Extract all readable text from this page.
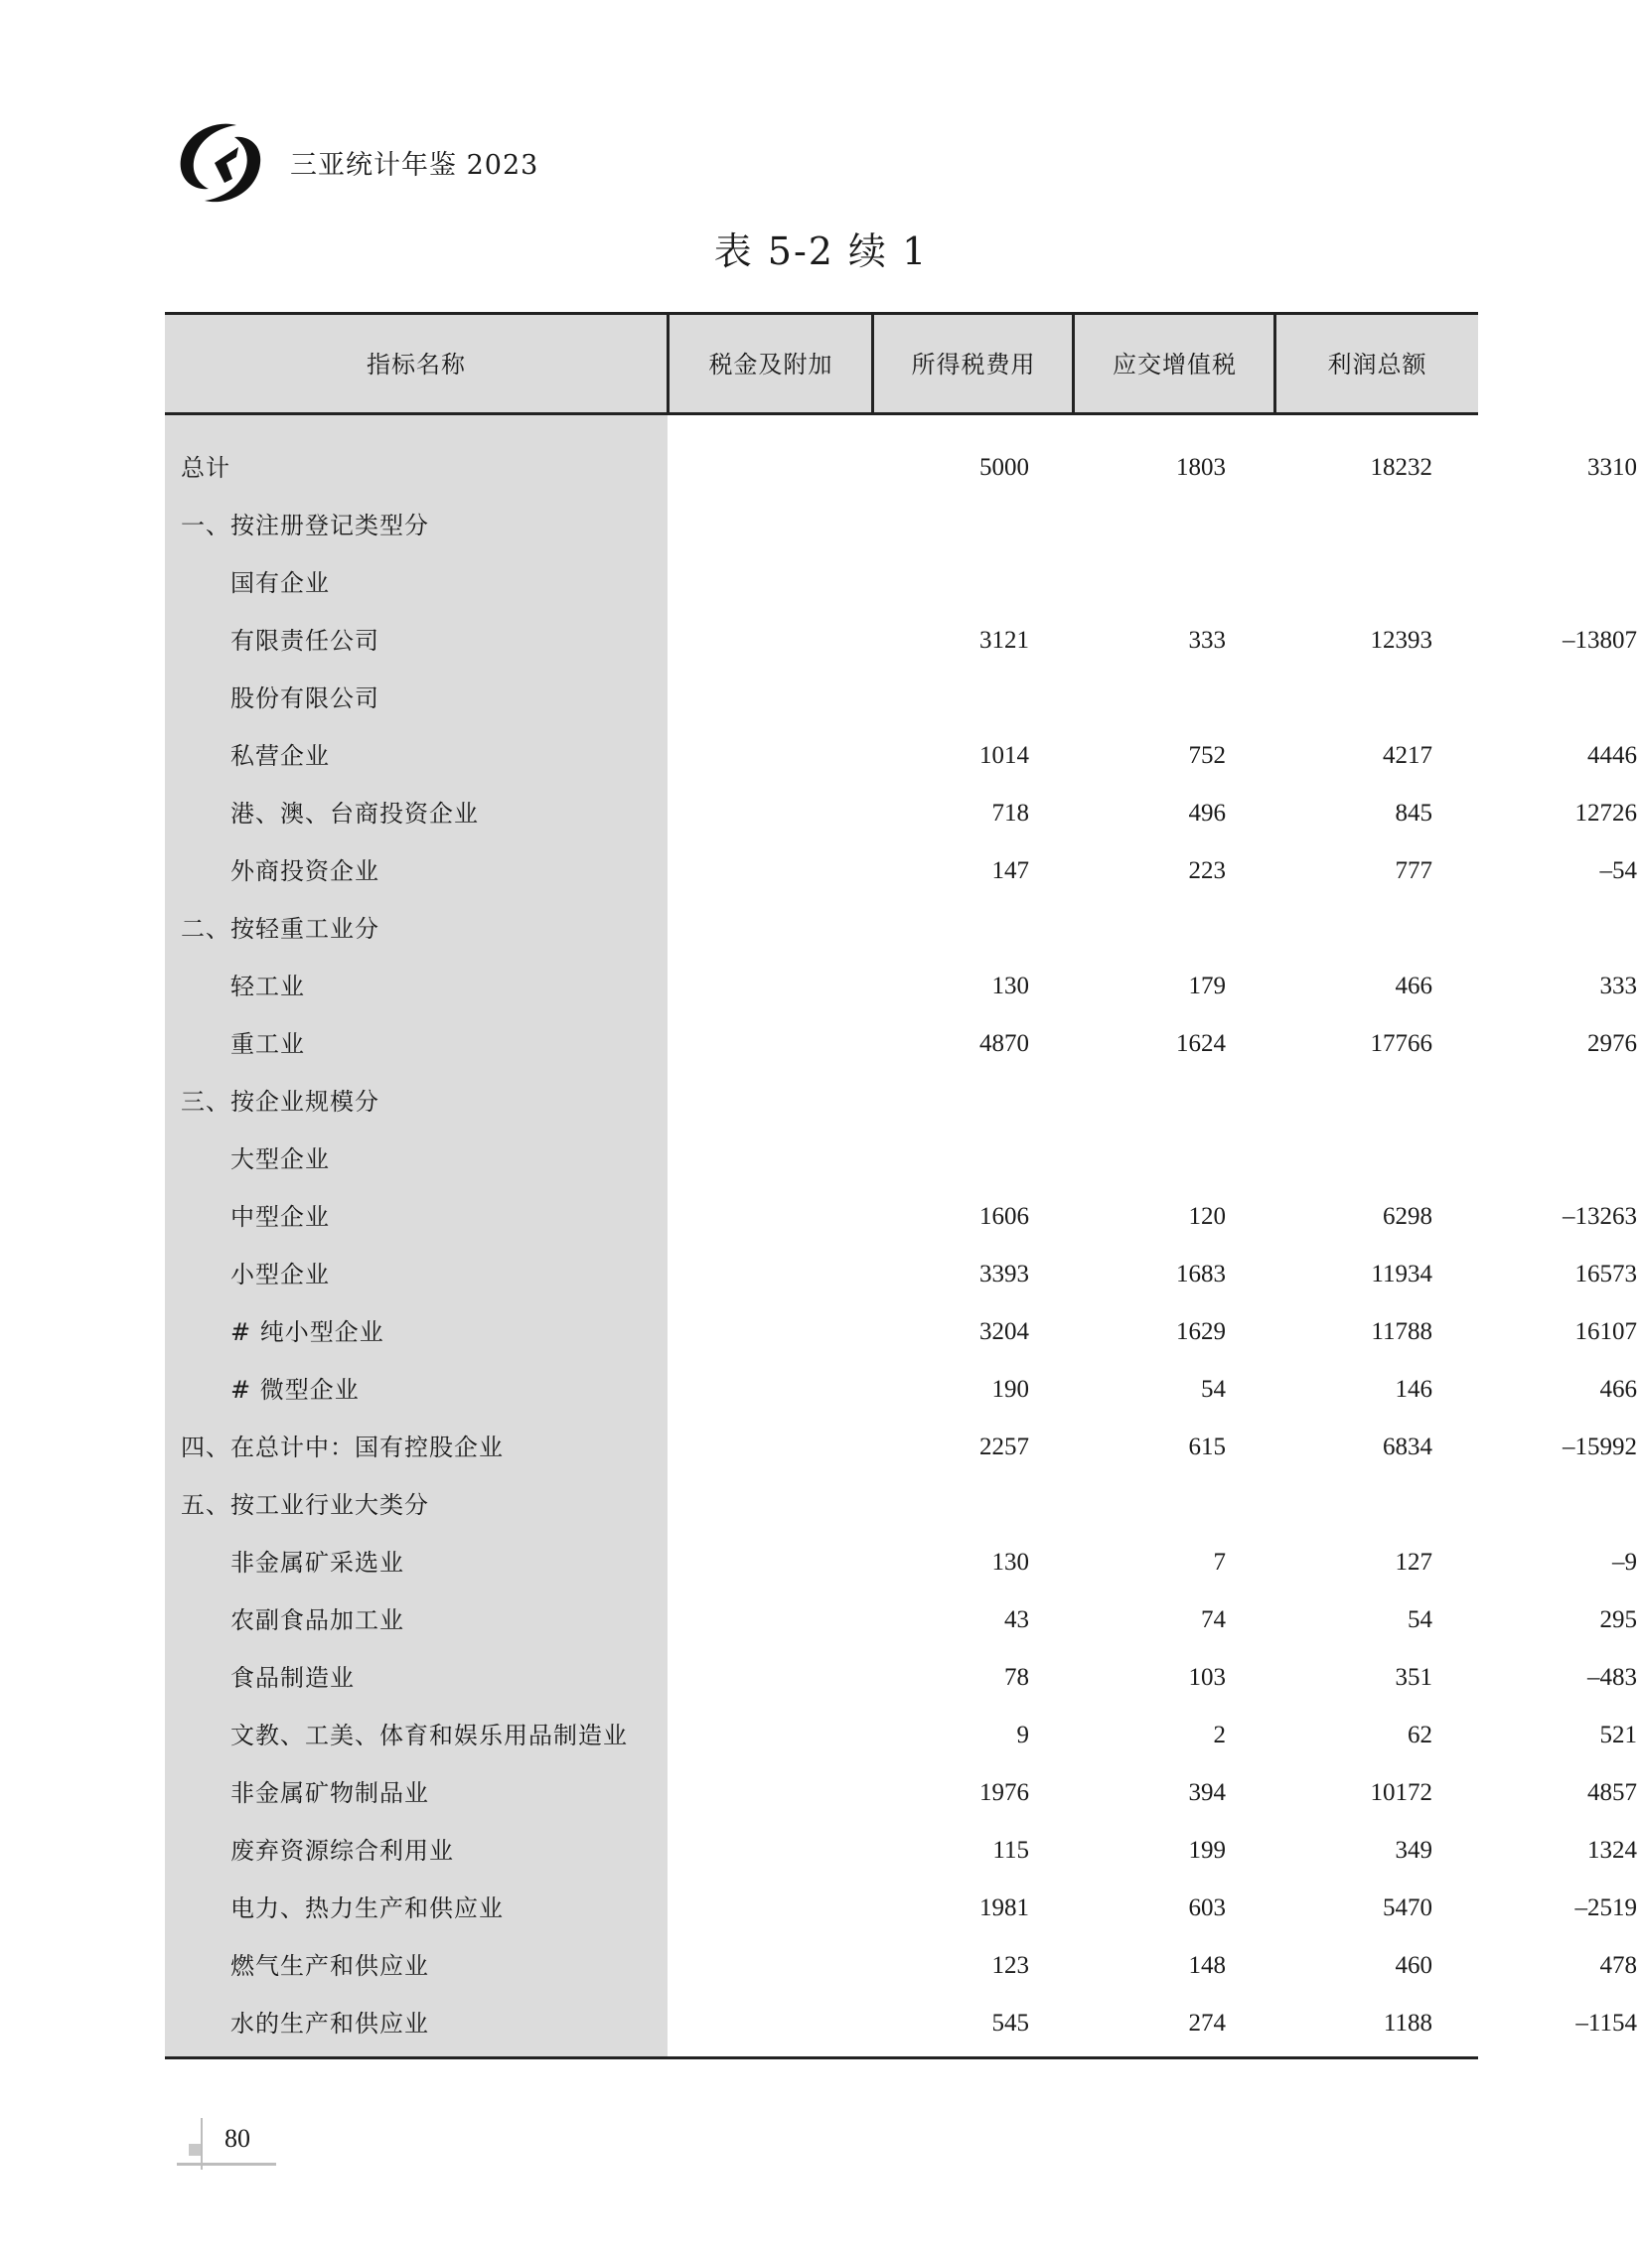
三亚统计年鉴 2023
表 5-2 续 1
指标名称	税金及附加	所得税费用	应交增值税	利润总额
总计	5000	1803	18232	3310
一、按注册登记类型分
国有企业
有限责任公司	3121	333	12393	–13807
股份有限公司
私营企业	1014	752	4217	4446
港、澳、台商投资企业	718	496	845	12726
外商投资企业	147	223	777	–54
二、按轻重工业分
轻工业	130	179	466	333
重工业	4870	1624	17766	2976
三、按企业规模分
大型企业
中型企业	1606	120	6298	–13263
小型企业	3393	1683	11934	16573
# 纯小型企业	3204	1629	11788	16107
# 微型企业	190	54	146	466
四、在总计中：国有控股企业	2257	615	6834	–15992
五、按工业行业大类分
非金属矿采选业	130	7	127	–9
农副食品加工业	43	74	54	295
食品制造业	78	103	351	–483
文教、工美、体育和娱乐用品制造业	9	2	62	521
非金属矿物制品业	1976	394	10172	4857
废弃资源综合利用业	115	199	349	1324
电力、热力生产和供应业	1981	603	5470	–2519
燃气生产和供应业	123	148	460	478
水的生产和供应业	545	274	1188	–1154
80
